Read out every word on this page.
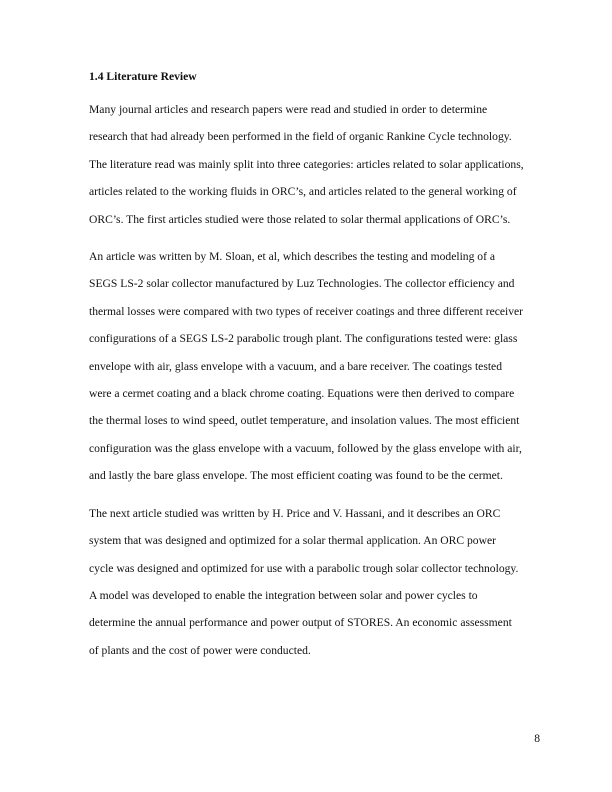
1.4 Literature Review
Many journal articles and research papers were read and studied in order to determine
research that had already been performed in the field of organic Rankine Cycle technology.
The literature read was mainly split into three categories: articles related to solar applications,
articles related to the working fluids in ORC’s, and articles related to the general working of
ORC’s. The first articles studied were those related to solar thermal applications of ORC’s.
An article was written by M. Sloan, et al, which describes the testing and modeling of a
SEGS LS-2 solar collector manufactured by Luz Technologies. The collector efficiency and
thermal losses were compared with two types of receiver coatings and three different receiver
configurations of a SEGS LS-2 parabolic trough plant. The configurations tested were: glass
envelope with air, glass envelope with a vacuum, and a bare receiver. The coatings tested
were a cermet coating and a black chrome coating. Equations were then derived to compare
the thermal loses to wind speed, outlet temperature, and insolation values. The most efficient
configuration was the glass envelope with a vacuum, followed by the glass envelope with air,
and lastly the bare glass envelope. The most efficient coating was found to be the cermet.
The next article studied was written by H. Price and V. Hassani, and it describes an ORC
system that was designed and optimized for a solar thermal application. An ORC power
cycle was designed and optimized for use with a parabolic trough solar collector technology.
A model was developed to enable the integration between solar and power cycles to
determine the annual performance and power output of STORES. An economic assessment
of plants and the cost of power were conducted.
8
